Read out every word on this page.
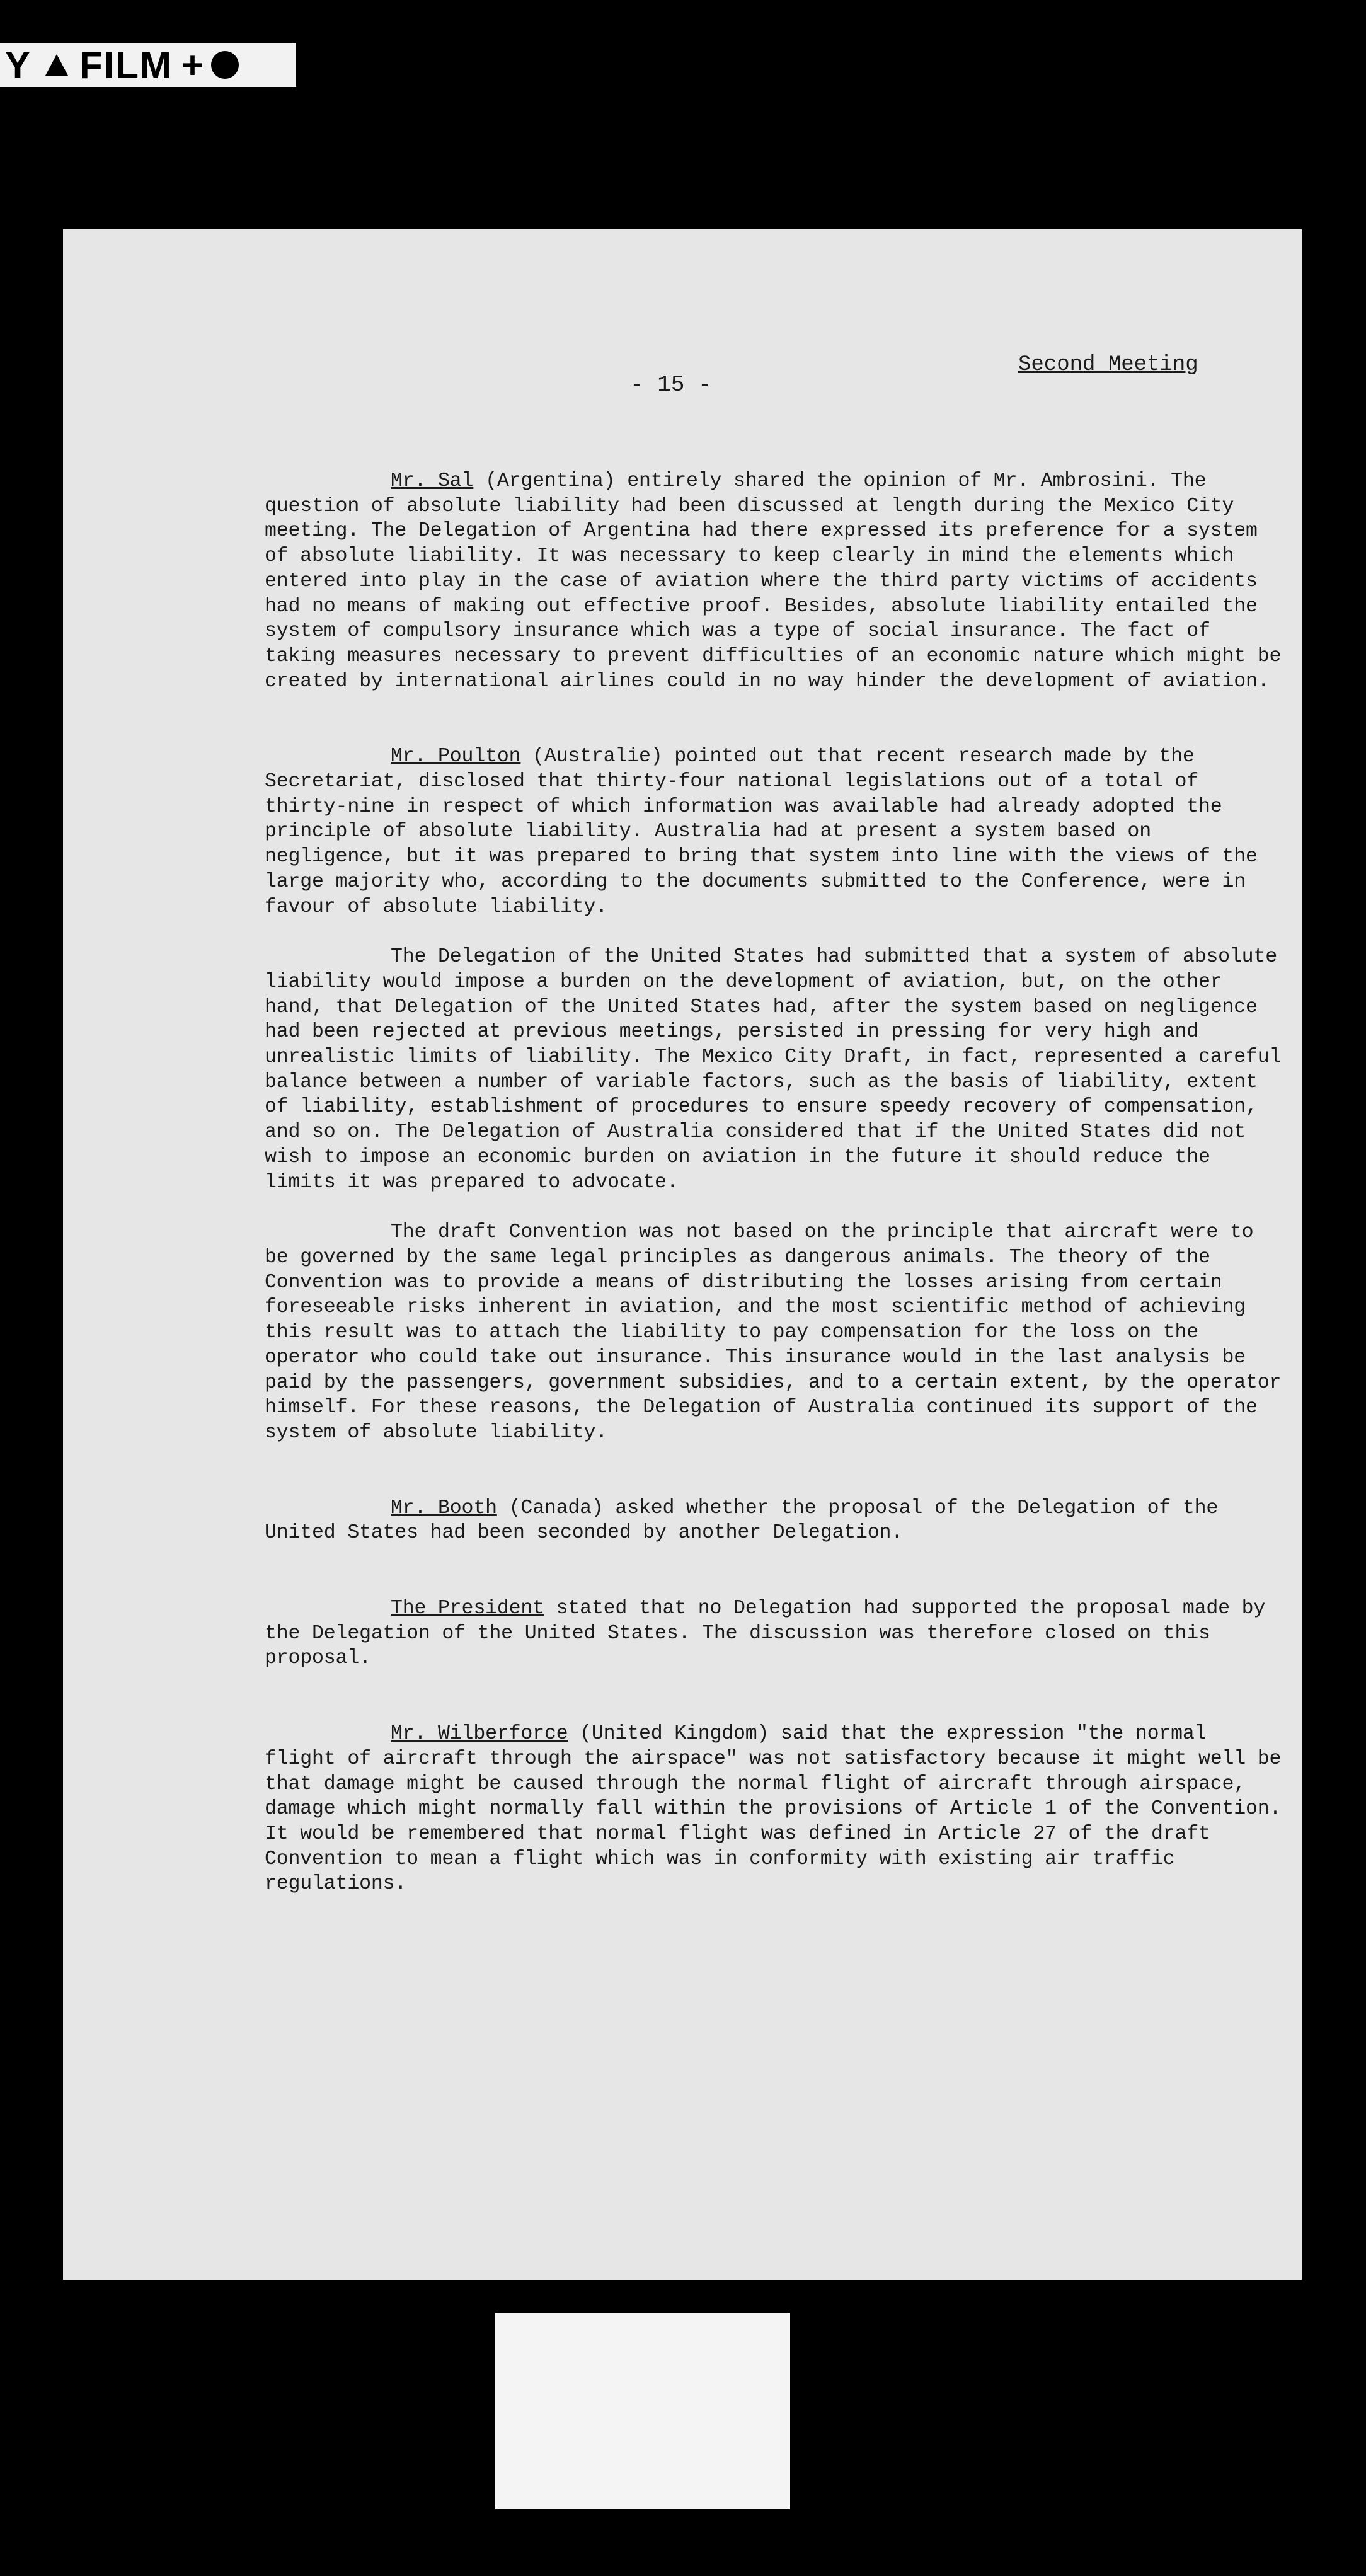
Y FILM +
Second Meeting
- 15 -

Mr. Sal (Argentina) entirely shared the opinion of Mr. Ambrosini. The question of absolute liability had been discussed at length during the Mexico City meeting. The Delegation of Argentina had there expressed its preference for a system of absolute liability. It was necessary to keep clearly in mind the elements which entered into play in the case of aviation where the third party victims of accidents had no means of making out effective proof. Besides, absolute liability entailed the system of compulsory insurance which was a type of social insurance. The fact of taking measures necessary to prevent difficulties of an economic nature which might be created by international airlines could in no way hinder the development of aviation.

Mr. Poulton (Australie) pointed out that recent research made by the Secretariat, disclosed that thirty-four national legislations out of a total of thirty-nine in respect of which information was available had already adopted the principle of absolute liability. Australia had at present a system based on negligence, but it was prepared to bring that system into line with the views of the large majority who, according to the documents submitted to the Conference, were in favour of absolute liability.

The Delegation of the United States had submitted that a system of absolute liability would impose a burden on the development of aviation, but, on the other hand, that Delegation of the United States had, after the system based on negligence had been rejected at previous meetings, persisted in pressing for very high and unrealistic limits of liability. The Mexico City Draft, in fact, represented a careful balance between a number of variable factors, such as the basis of liability, extent of liability, establishment of procedures to ensure speedy recovery of compensation, and so on. The Delegation of Australia considered that if the United States did not wish to impose an economic burden on aviation in the future it should reduce the limits it was prepared to advocate.

The draft Convention was not based on the principle that aircraft were to be governed by the same legal principles as dangerous animals. The theory of the Convention was to provide a means of distributing the losses arising from certain foreseeable risks inherent in aviation, and the most scientific method of achieving this result was to attach the liability to pay compensation for the loss on the operator who could take out insurance. This insurance would in the last analysis be paid by the passengers, government subsidies, and to a certain extent, by the operator himself. For these reasons, the Delegation of Australia continued its support of the system of absolute liability.

Mr. Booth (Canada) asked whether the proposal of the Delegation of the United States had been seconded by another Delegation.

The President stated that no Delegation had supported the proposal made by the Delegation of the United States. The discussion was therefore closed on this proposal.

Mr. Wilberforce (United Kingdom) said that the expression "the normal flight of aircraft through the airspace" was not satisfactory because it might well be that damage might be caused through the normal flight of aircraft through airspace, damage which might normally fall within the provisions of Article 1 of the Convention. It would be remembered that normal flight was defined in Article 27 of the draft Convention to mean a flight which was in conformity with existing air traffic regulations.
